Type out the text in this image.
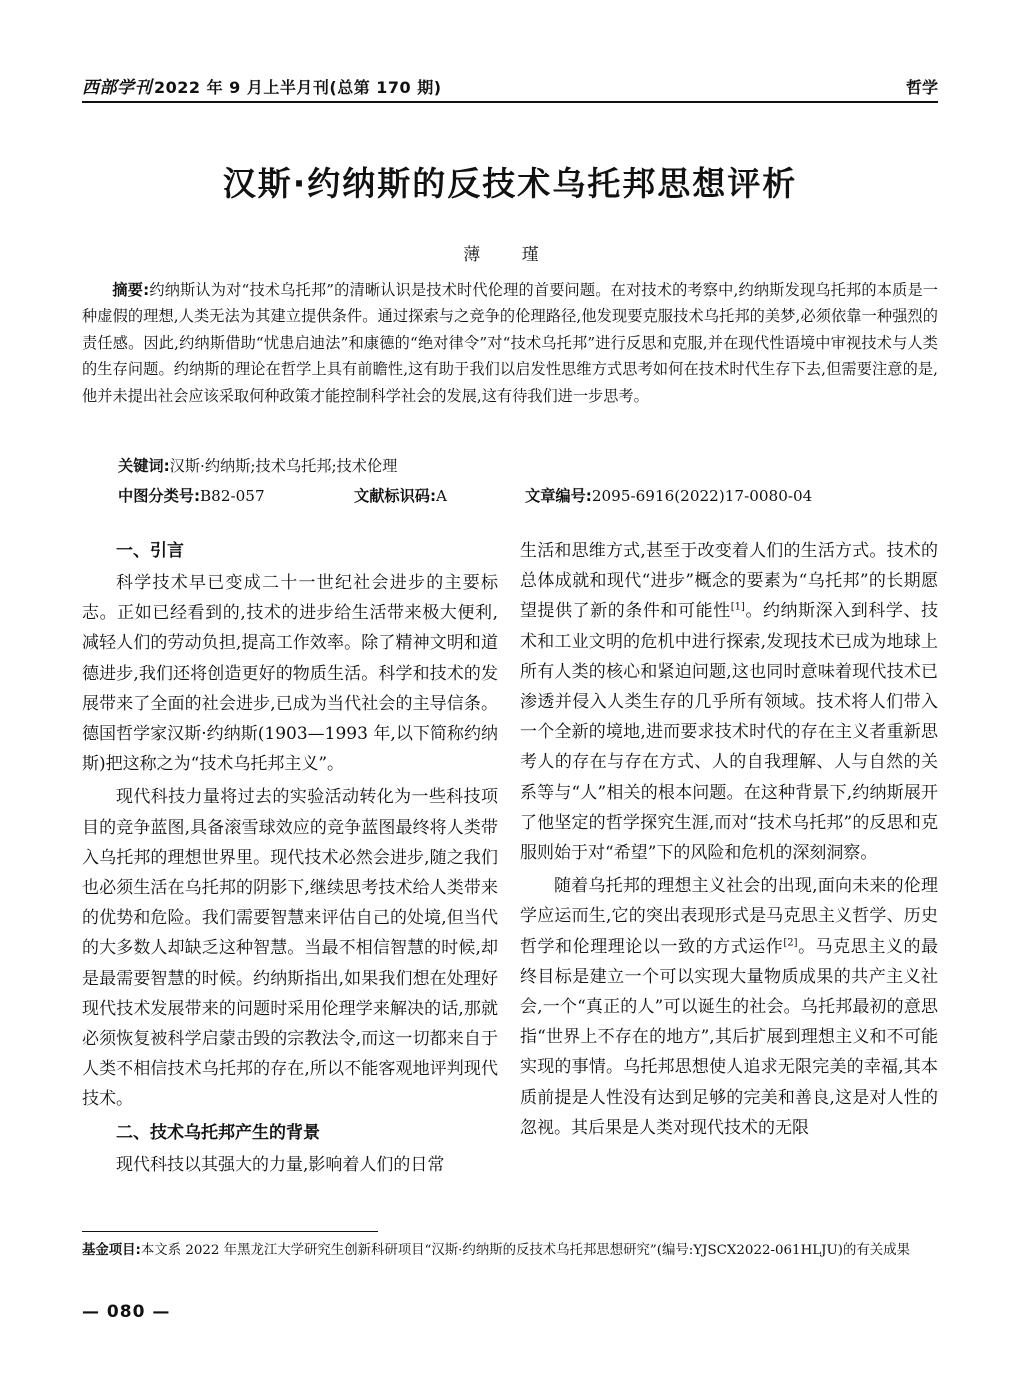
西部学刊 2022 年 9 月上半月刊(总第 170 期)	哲学
汉斯·约纳斯的反技术乌托邦思想评析
薄 瑾
摘要:约纳斯认为对“技术乌托邦”的清晰认识是技术时代伦理的首要问题。在对技术的考察中,约纳斯发现乌托邦的本质是一种虚假的理想,人类无法为其建立提供条件。通过探索与之竞争的伦理路径,他发现要克服技术乌托邦的美梦,必须依靠一种强烈的责任感。因此,约纳斯借助“忧患启迪法”和康德的“绝对律令”对“技术乌托邦”进行反思和克服,并在现代性语境中审视技术与人类的生存问题。约纳斯的理论在哲学上具有前瞻性,这有助于我们以启发性思维方式思考如何在技术时代生存下去,但需要注意的是,他并未提出社会应该采取何种政策才能控制科学社会的发展,这有待我们进一步思考。
关键词:汉斯·约纳斯;技术乌托邦;技术伦理
中图分类号:B82-057	文献标识码:A	文章编号:2095-6916(2022)17-0080-04
一、引言

科学技术早已变成二十一世纪社会进步的主要标志。正如已经看到的,技术的进步给生活带来极大便利,减轻人们的劳动负担,提高工作效率。除了精神文明和道德进步,我们还将创造更好的物质生活。科学和技术的发展带来了全面的社会进步,已成为当代社会的主导信条。德国哲学家汉斯·约纳斯(1903—1993 年,以下简称约纳斯)把这称之为“技术乌托邦主义”。

现代科技力量将过去的实验活动转化为一些科技项目的竞争蓝图,具备滚雪球效应的竞争蓝图最终将人类带入乌托邦的理想世界里。现代技术必然会进步,随之我们也必须生活在乌托邦的阴影下,继续思考技术给人类带来的优势和危险。我们需要智慧来评估自己的处境,但当代的大多数人却缺乏这种智慧。当最不相信智慧的时候,却是最需要智慧的时候。约纳斯指出,如果我们想在处理好现代技术发展带来的问题时采用伦理学来解决的话,那就必须恢复被科学启蒙击毁的宗教法令,而这一切都来自于人类不相信技术乌托邦的存在,所以不能客观地评判现代技术。

二、技术乌托邦产生的背景

现代科技以其强大的力量,影响着人们的日常

生活和思维方式,甚至于改变着人们的生活方式。技术的总体成就和现代“进步”概念的要素为“乌托邦”的长期愿望提供了新的条件和可能性[1]。约纳斯深入到科学、技术和工业文明的危机中进行探索,发现技术已成为地球上所有人类的核心和紧迫问题,这也同时意味着现代技术已渗透并侵入人类生存的几乎所有领域。技术将人们带入一个全新的境地,进而要求技术时代的存在主义者重新思考人的存在与存在方式、人的自我理解、人与自然的关系等与“人”相关的根本问题。在这种背景下,约纳斯展开了他坚定的哲学探究生涯,而对“技术乌托邦”的反思和克服则始于对“希望”下的风险和危机的深刻洞察。

随着乌托邦的理想主义社会的出现,面向未来的伦理学应运而生,它的突出表现形式是马克思主义哲学、历史哲学和伦理理论以一致的方式运作[2]。马克思主义的最终目标是建立一个可以实现大量物质成果的共产主义社会,一个“真正的人”可以诞生的社会。乌托邦最初的意思指“世界上不存在的地方”,其后扩展到理想主义和不可能实现的事情。乌托邦思想使人追求无限完美的幸福,其本质前提是人性没有达到足够的完美和善良,这是对人性的忽视。其后果是人类对现代技术的无限

基金项目:本文系 2022 年黑龙江大学研究生创新科研项目“汉斯·约纳斯的反技术乌托邦思想研究”(编号:YJSCX2022-061HLJU)的有关成果
— 080 —
